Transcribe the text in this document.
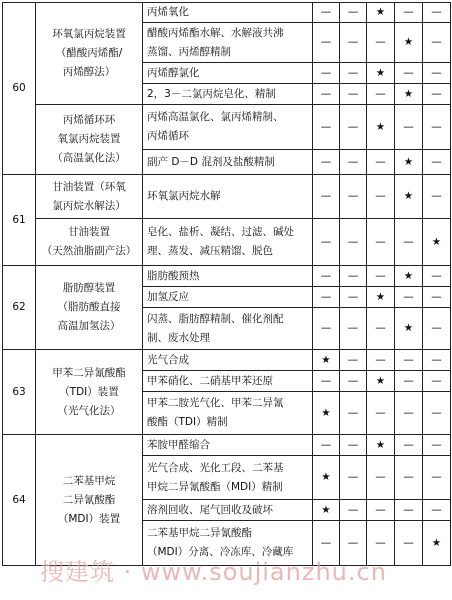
60	环氧氯丙烷装置
（醋酸丙烯酯/
丙烯醇法）	丙烯氧化	—	—	★	—	—
		醋酸丙烯酯水解、水解液共沸
蒸馏、丙烯醇精制	—	—	—	★	—
		丙烯醇氯化	—	—	★	—	—
		2，3－二氯丙烷皂化、精制	—	—	—	★	—
	丙烯循环环
氧氯丙烷装置
（高温氯化法）	丙烯高温氯化、氯丙烯精制、
丙烯循环	—	—	★	—	—
		副产 D－D 混剂及盐酸精制	—	—	—	★	—
61	甘油装置（环氧
氯丙烷水解法）	环氧氯丙烷水解	—	—	—	★	—
	甘油装置
（天然油脂副产法）	皂化、盐析、凝结、过滤、碱处
理、蒸发、减压精馏、脱色	—	—	—	—	★
62	脂肪醇装置
（脂肪酸直接
高温加氢法）	脂肪酸预热	—	—	—	★	—
		加氢反应	—	—	★	—	—
		闪蒸、脂肪醇精制、催化剂配
制、废水处理	—	—	—	★	—
63	甲苯二异氰酸酯
（TDI）装置
（光气化法）	光气合成	★	—	—	—	—
		甲苯硝化、二硝基甲苯还原	—	—	★	—	—
		甲苯二胺光气化、甲苯二异氰
酸酯（TDI）精制	★	—	—	—	—
64	二苯基甲烷
二异氰酸酯
（MDI）装置	苯胺甲醛缩合	—	—	★	—	—
		光气合成、光化工段、二苯基
甲烷二异氰酸酯（MDI）精制	★	—	—	—	—
		溶剂回收、尾气回收及破坏	★	—	—	—	—
		二苯基甲烷二异氰酸酯
（MDI）分离、冷冻库、冷藏库	—	—	—	—	★
搜建筑 · www.soujianzhu.cn
